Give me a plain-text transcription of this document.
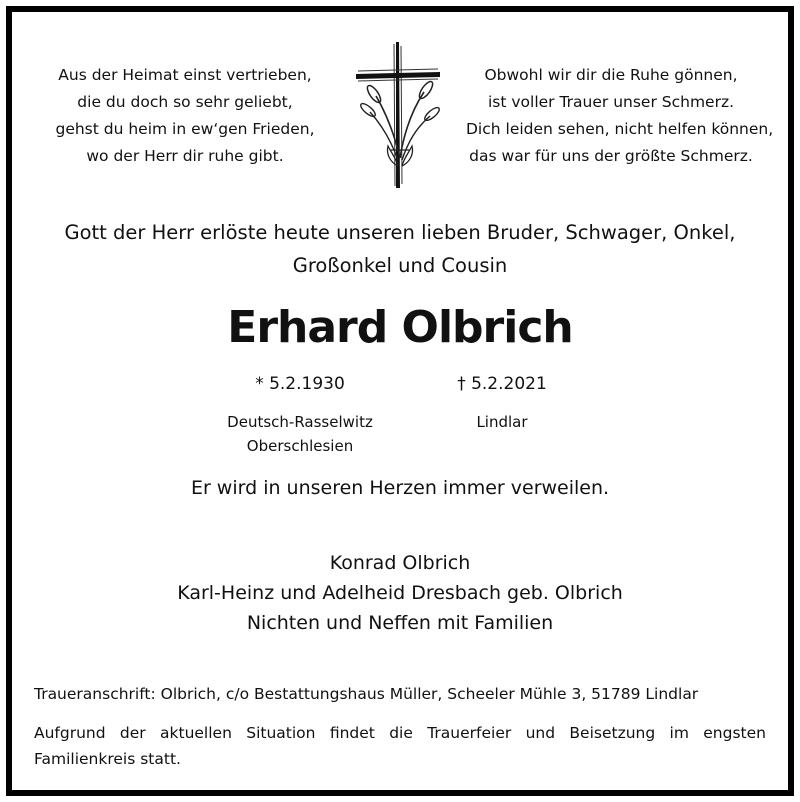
Aus der Heimat einst vertrieben,
die du doch so sehr geliebt,
gehst du heim in ew‘gen Frieden,
wo der Herr dir ruhe gibt.
Obwohl wir dir die Ruhe gönnen,
ist voller Trauer unser Schmerz.
Dich leiden sehen, nicht helfen können,
das war für uns der größte Schmerz.
Gott der Herr erlöste heute unseren lieben Bruder, Schwager, Onkel,
Großonkel und Cousin
Erhard Olbrich
* 5.2.1930	† 5.2.2021
Deutsch-Rasselwitz
Oberschlesien
Lindlar
Er wird in unseren Herzen immer verweilen.
Konrad Olbrich
Karl-Heinz und Adelheid Dresbach geb. Olbrich
Nichten und Neffen mit Familien
Traueranschrift: Olbrich, c/o Bestattungshaus Müller, Scheeler Mühle 3, 51789 Lindlar
Aufgrund der aktuellen Situation findet die Trauerfeier und Beisetzung im engsten Familienkreis statt.
